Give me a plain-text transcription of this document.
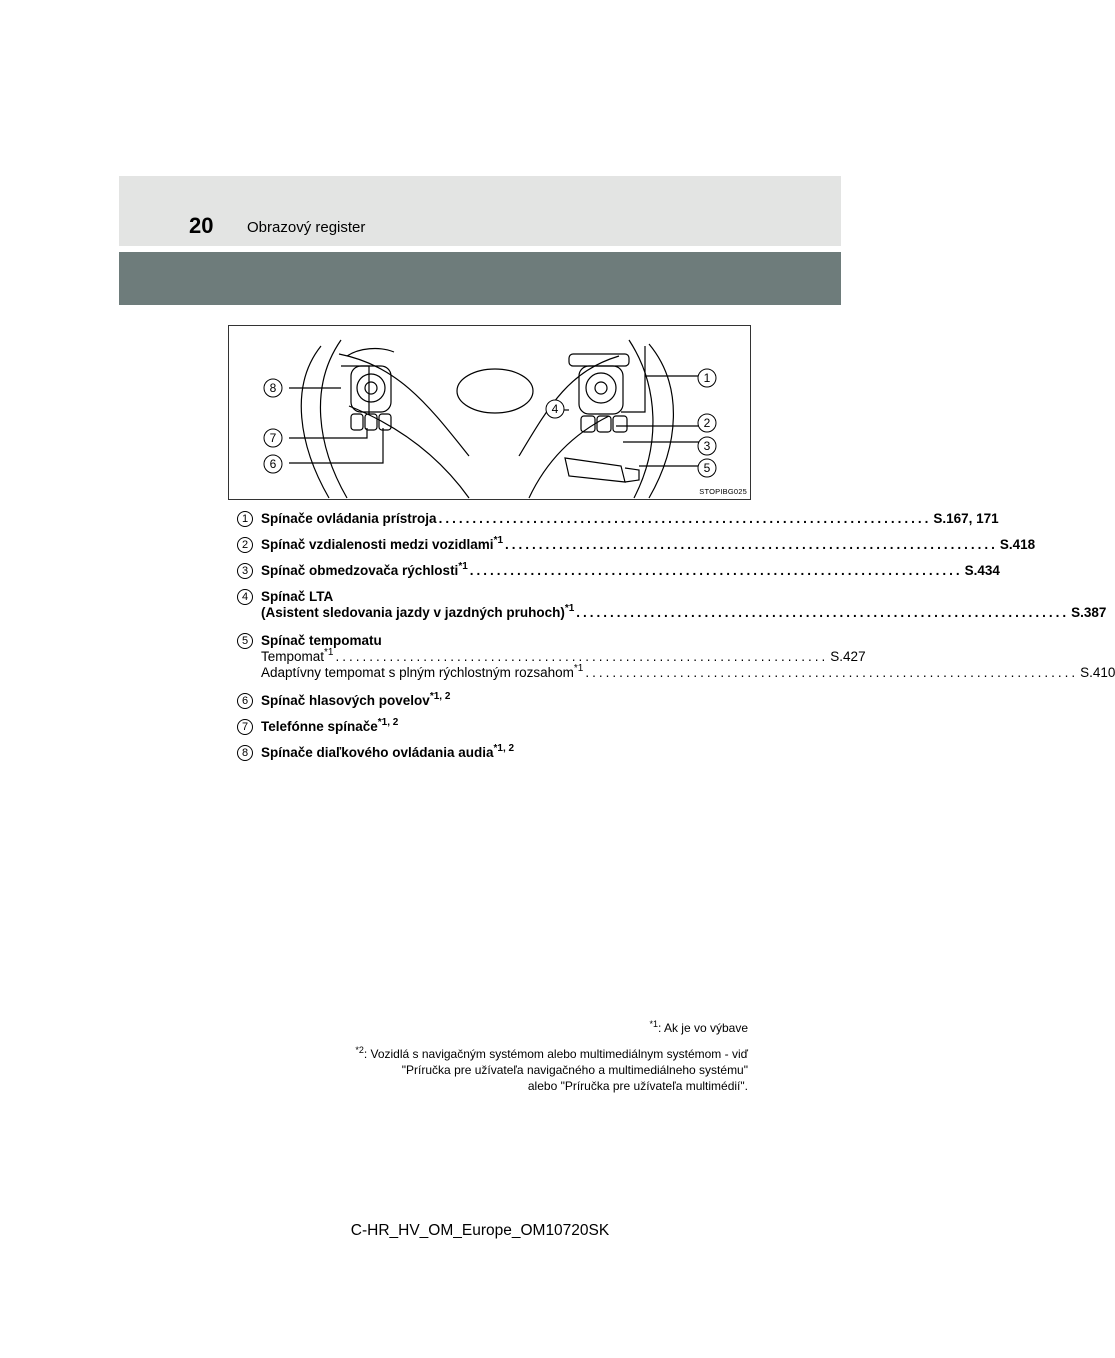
20 Obrazový register
1
2
3
4
5
6
7
8
STOPIBG025
1 Spínače ovládania prístroja ......................................................................... S.167, 171
2 Spínač vzdialenosti medzi vozidlami$^{*1}$ ......................................................................... S.418
3 Spínač obmedzovača rýchlosti$^{*1}$ ......................................................................... S.434
4 Spínač LTA
(Asistent sledovania jazdy v jazdných pruhoch)$^{*1}$ ......................................................................... S.387
5 Spínač tempomatu
Tempomat$^{*1}$ ......................................................................... S.427
Adaptívny tempomat s plným rýchlostným rozsahom$^{*1}$ ......................................................................... S.410
6 Spínač hlasových povelov$^{*1, 2}$
7 Telefónne spínače$^{*1, 2}$
8 Spínače diaľkového ovládania audia$^{*1, 2}$
$^{*1}$: Ak je vo výbave
$^{*2}$: Vozidlá s navigačným systémom alebo multimediálnym systémom - viď
"Príručka pre užívateľa navigačného a multimediálneho systému"
alebo "Príručka pre užívateľa multimédií".
C-HR_HV_OM_Europe_OM10720SK
